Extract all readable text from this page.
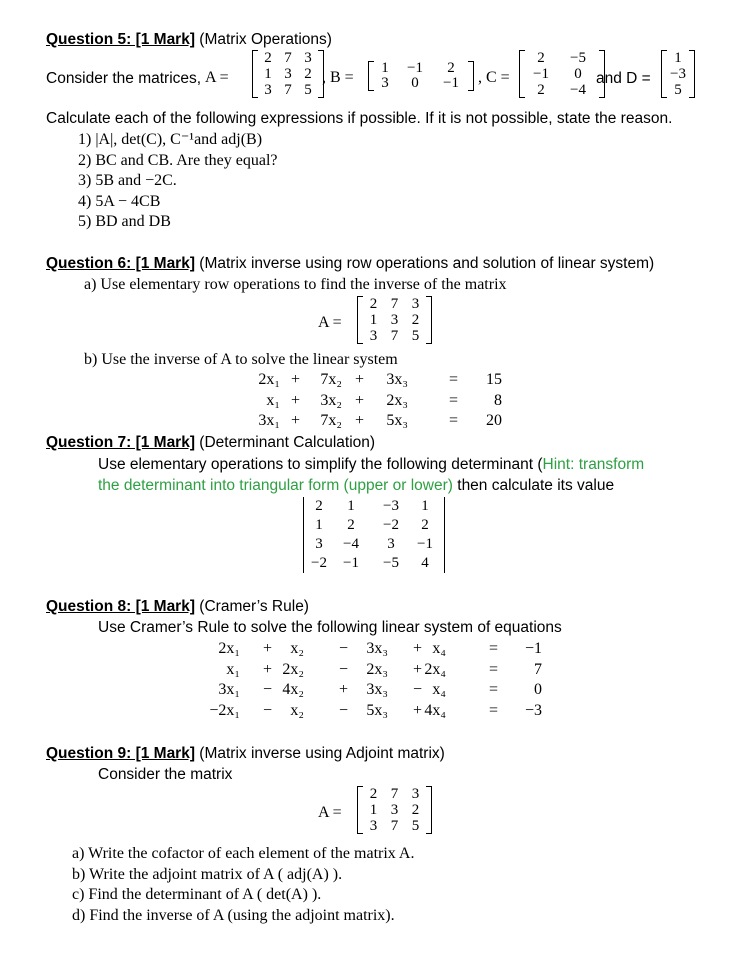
Question 5: [1 Mark] (Matrix Operations)
Consider the matrices, A =
2 7 3
1 3 2
3 7 5
, B =
1	−1	2
3	0	−1	, C =
2	−5
−1	0
2	−4
and D =
1
−3
5
Calculate each of the following expressions if possible. If it is not possible, state the reason.
1) |A|, det(C), C⁻¹and adj(B)
2) BC and CB. Are they equal?
3) 5B and −2C.
4) 5A − 4CB
5) BD and DB
Question 6: [1 Mark] (Matrix inverse using row operations and solution of linear system)
a) Use elementary row operations to find the inverse of the matrix
A =
2 7 3
1 3 2
3 7 5
b) Use the inverse of A to solve the linear system
2x₁ + 7x₂ + 3x₃	= 15
x₁ + 3x₂ + 2x₃	= 8
3x₁ + 7x₂ + 5x₃	= 20
Question 7: [1 Mark] (Determinant Calculation)
Use elementary operations to simplify the following determinant (Hint: transform
the determinant into triangular form (upper or lower) then calculate its value
2	1	−3	1
1	2	−2	2
3	−4	3	−1
−2	−1	−5	4
Question 8: [1 Mark] (Cramer’s Rule)
Use Cramer’s Rule to solve the following linear system of equations
2x₁ + x₂ − 3x₃ + x₄	= −1
x₁ + 2x₂ − 2x₃ + 2x₄	= 7
3x₁ − 4x₂ + 3x₃ − x₄	= 0
−2x₁ − x₂ − 5x₃ + 4x₄	= −3
Question 9: [1 Mark] (Matrix inverse using Adjoint matrix)
Consider the matrix
A =
2 7 3
1 3 2
3 7 5
a) Write the cofactor of each element of the matrix A.
b) Write the adjoint matrix of A ( adj(A) ).
c) Find the determinant of A ( det(A) ).
d) Find the inverse of A (using the adjoint matrix).
